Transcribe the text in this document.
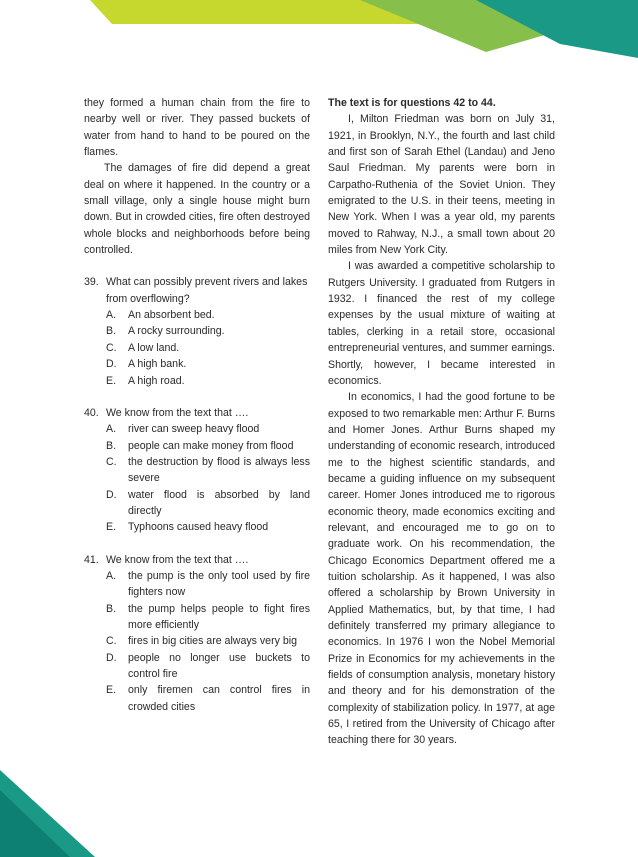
they formed a human chain from the fire to nearby well or river. They passed buckets of water from hand to hand to be poured on the flames.

The damages of fire did depend a great deal on where it happened. In the country or a small village, only a single house might burn down. But in crowded cities, fire often destroyed whole blocks and neighborhoods before being controlled.

39. What can possibly prevent rivers and lakes from overflowing?
A.	An absorbent bed.
B.	A rocky surrounding.
C.	A low land.
D.	A high bank.
E.	A high road.
40. We know from the text that ….
A.	river can sweep heavy flood
B.	people can make money from flood
C.	the destruction by flood is always less severe
D.	water flood is absorbed by land directly
E.	Typhoons caused heavy flood
41. We know from the text that ….
A.	the pump is the only tool used by fire fighters now
B.	the pump helps people to fight fires more efficiently
C.	fires in big cities are always very big
D.	people no longer use buckets to control fire
E.	only firemen can control fires in crowded cities

The text is for questions 42 to 44.

I, Milton Friedman was born on July 31, 1921, in Brooklyn, N.Y., the fourth and last child and first son of Sarah Ethel (Landau) and Jeno Saul Friedman. My parents were born in Carpatho-Ruthenia of the Soviet Union. They emigrated to the U.S. in their teens, meeting in New York. When I was a year old, my parents moved to Rahway, N.J., a small town about 20 miles from New York City.

I was awarded a competitive scholarship to Rutgers University. I graduated from Rutgers in 1932. I financed the rest of my college expenses by the usual mixture of waiting at tables, clerking in a retail store, occasional entrepreneurial ventures, and summer earnings. Shortly, however, I became interested in economics.

In economics, I had the good fortune to be exposed to two remarkable men: Arthur F. Burns and Homer Jones. Arthur Burns shaped my understanding of economic research, introduced me to the highest scientific standards, and became a guiding influence on my subsequent career. Homer Jones introduced me to rigorous economic theory, made economics exciting and relevant, and encouraged me to go on to graduate work. On his recommendation, the Chicago Economics Department offered me a tuition scholarship. As it happened, I was also offered a scholarship by Brown University in Applied Mathematics, but, by that time, I had definitely transferred my primary allegiance to economics. In 1976 I won the Nobel Memorial Prize in Economics for my achievements in the fields of consumption analysis, monetary history and theory and for his demonstration of the complexity of stabilization policy. In 1977, at age 65, I retired from the University of Chicago after teaching there for 30 years.
